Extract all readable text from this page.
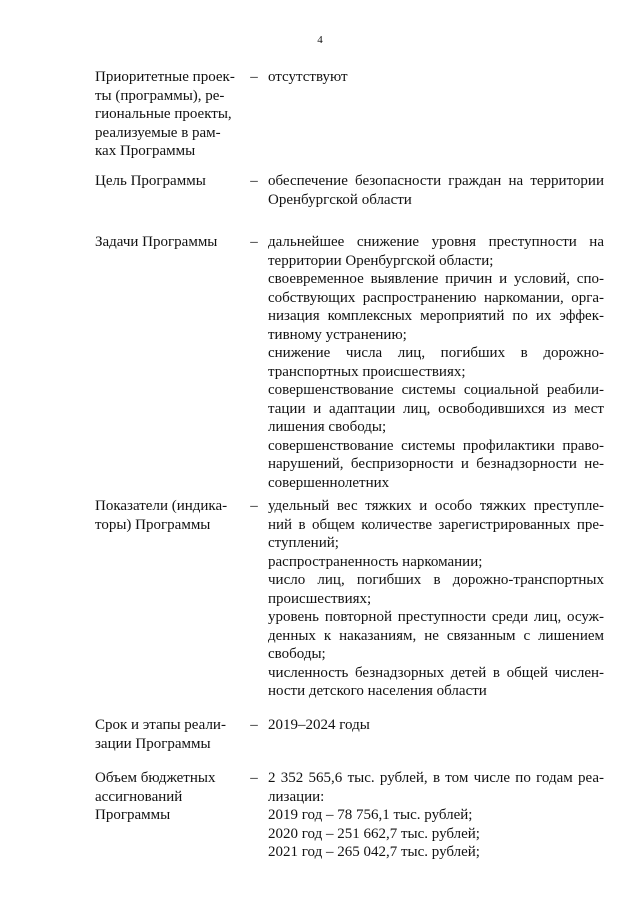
4
Приоритетные проек-
ты (программы), ре-
гиональные проекты,
реализуемые в рам-
ках Программы
– отсутствуют
Цель Программы	– обеспечение безопасности граждан на территории
Оренбургской области
Задачи Программы	– дальнейшее снижение уровня преступности на
территории Оренбургской области;
своевременное выявление причин и условий, спо-
собствующих распространению наркомании, орга-
низация комплексных мероприятий по их эффек-
тивному устранению;
снижение числа лиц, погибших в дорожно-
транспортных происшествиях;
совершенствование системы социальной реабили-
тации и адаптации лиц, освободившихся из мест
лишения свободы;
совершенствование системы профилактики право-
нарушений, беспризорности и безнадзорности не-
совершеннолетних
Показатели (индика-
торы) Программы
– удельный вес тяжких и особо тяжких преступле-
ний в общем количестве зарегистрированных пре-
ступлений;
распространенность наркомании;
число лиц, погибших в дорожно-транспортных
происшествиях;
уровень повторной преступности среди лиц, осуж-
денных к наказаниям, не связанным с лишением
свободы;
численность безнадзорных детей в общей числен-
ности детского населения области
Срок и этапы реали-
зации Программы
– 2019–2024 годы
Объем бюджетных
ассигнований
Программы
– 2 352 565,6 тыс. рублей, в том числе по годам реа-
лизации:
2019 год – 78 756,1 тыс. рублей;
2020 год – 251 662,7 тыс. рублей;
2021 год – 265 042,7 тыс. рублей;
